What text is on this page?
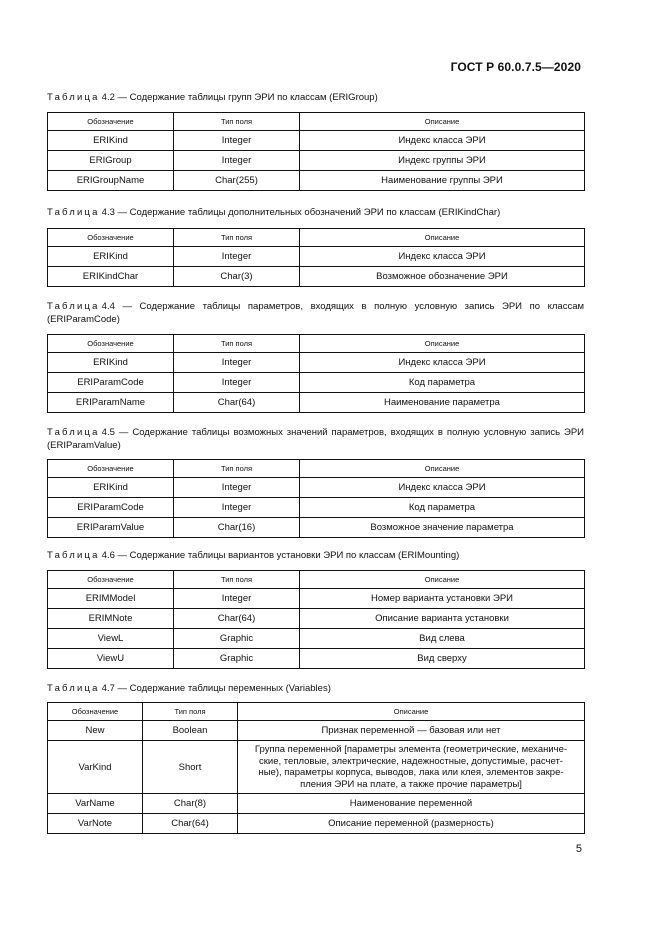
ГОСТ Р 60.0.7.5—2020
Таблица 4.2 — Содержание таблицы групп ЭРИ по классам (ERIGroup)
Обозначение	Тип поля	Описание
ERIKind	Integer	Индекс класса ЭРИ
ERIGroup	Integer	Индекс группы ЭРИ
ERIGroupName	Char(255)	Наименование группы ЭРИ
Таблица 4.3 — Содержание таблицы дополнительных обозначений ЭРИ по классам (ERIKindChar)
Обозначение	Тип поля	Описание
ERIKind	Integer	Индекс класса ЭРИ
ERIKindChar	Char(3)	Возможное обозначение ЭРИ
Таблица 4.4 — Содержание таблицы параметров, входящих в полную условную запись ЭРИ по классам (ERIParamCode)
Обозначение	Тип поля	Описание
ERIKind	Integer	Индекс класса ЭРИ
ERIParamCode	Integer	Код параметра
ERIParamName	Char(64)	Наименование параметра
Таблица 4.5 — Содержание таблицы возможных значений параметров, входящих в полную условную запись ЭРИ (ERIParamValue)
Обозначение	Тип поля	Описание
ERIKind	Integer	Индекс класса ЭРИ
ERIParamCode	Integer	Код параметра
ERIParamValue	Char(16)	Возможное значение параметра
Таблица 4.6 — Содержание таблицы вариантов установки ЭРИ по классам (ERIMounting)
Обозначение	Тип поля	Описание
ERIMModel	Integer	Номер варианта установки ЭРИ
ERIMNote	Char(64)	Описание варианта установки
ViewL	Graphic	Вид слева
ViewU	Graphic	Вид сверху
Таблица 4.7 — Содержание таблицы переменных (Variables)
Обозначение	Тип поля	Описание
New	Boolean	Признак переменной — базовая или нет
VarKind	Short	Группа переменной [параметры элемента (геометрические, механиче-
ские, тепловые, электрические, надежностные, допустимые, расчет-
ные), параметры корпуса, выводов, лака или клея, элементов закре-
пления ЭРИ на плате, а также прочие параметры]
VarName	Char(8)	Наименование переменной
VarNote	Char(64)	Описание переменной (размерность)
5
